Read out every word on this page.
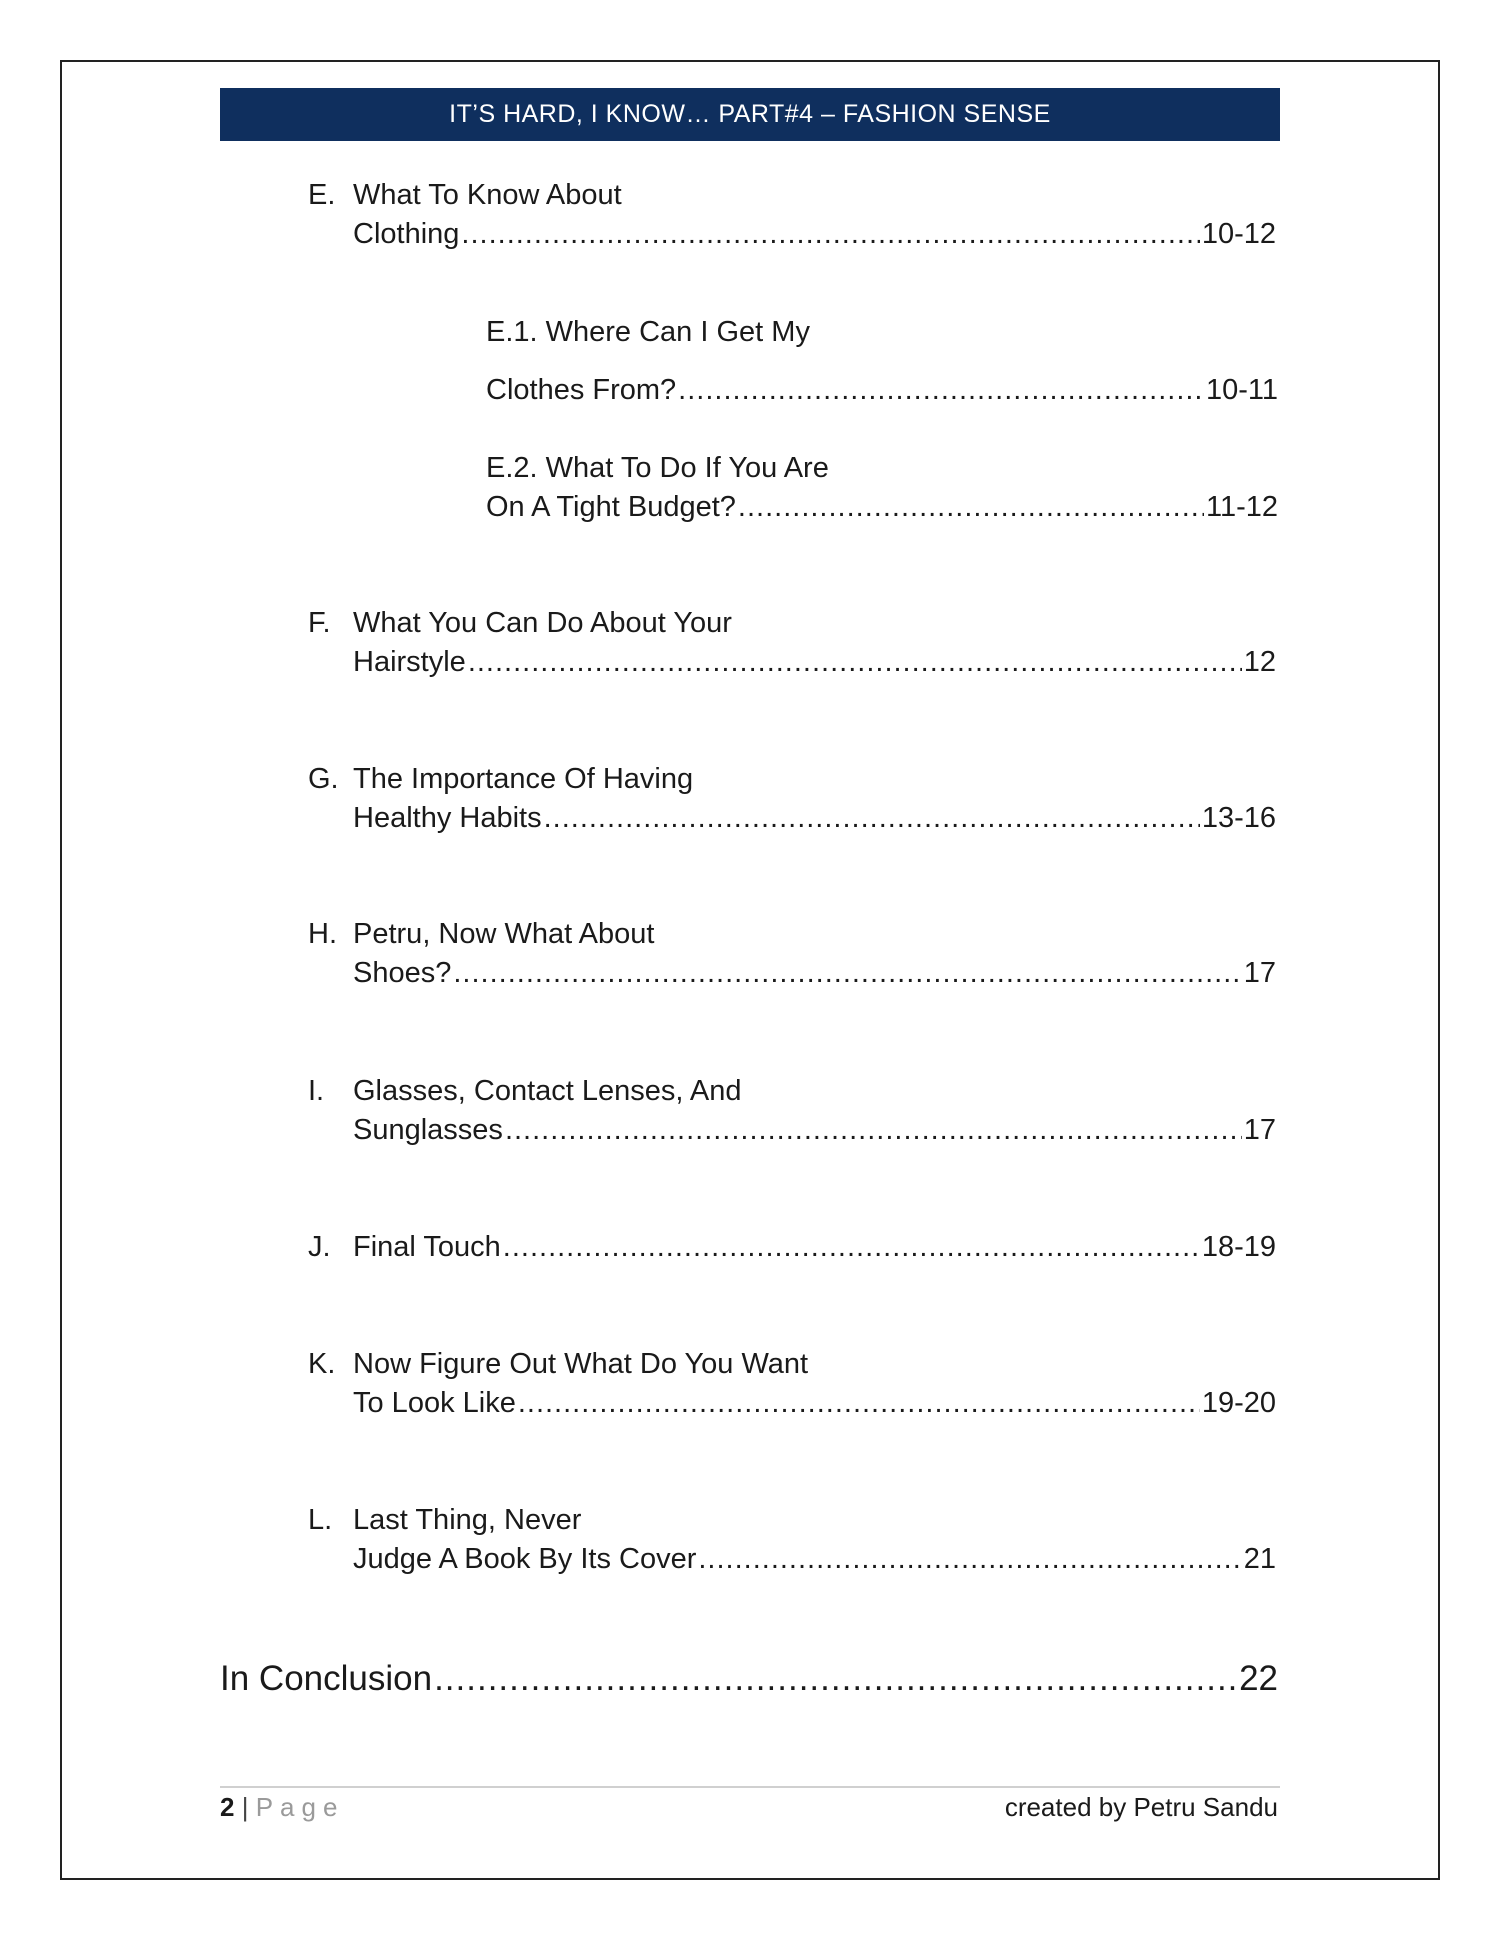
IT’S HARD, I KNOW… PART#4 – FASHION SENSE
E. What To Know About
Clothing .....	10-12
E.1. Where Can I Get My
Clothes From? .....	10-11
E.2. What To Do If You Are
On A Tight Budget? .....	11-12
F. What You Can Do About Your
Hairstyle .....	12
G. The Importance Of Having
Healthy Habits .....	13-16
H. Petru, Now What About
Shoes? .....	17
I. Glasses, Contact Lenses, And
Sunglasses .....	17
J. Final Touch .....	18-19
K. Now Figure Out What Do You Want
To Look Like .....	19-20
L. Last Thing, Never
Judge A Book By Its Cover .....	21
In Conclusion .....	22
2 | Page	created by Petru Sandu
